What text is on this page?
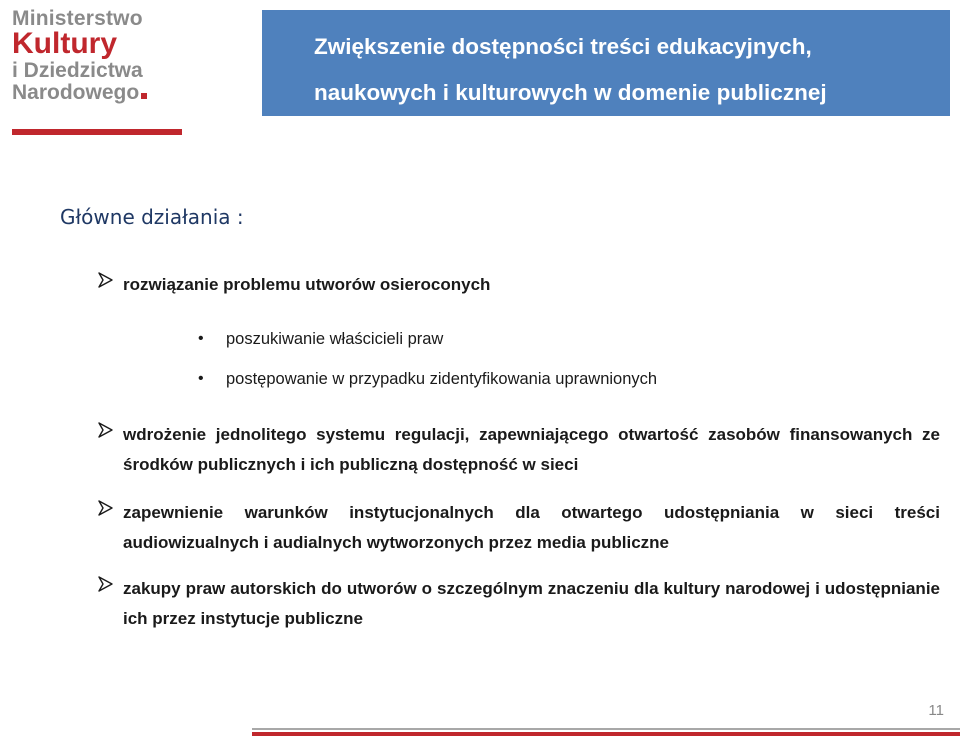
Ministerstwo
Kultury
i Dziedzictwa
Narodowego
Zwiększenie dostępności treści edukacyjnych,
naukowych i kulturowych w domenie publicznej
Główne działania :
rozwiązanie problemu utworów osieroconych
• poszukiwanie właścicieli praw
• postępowanie w przypadku zidentyfikowania uprawnionych
wdrożenie jednolitego systemu regulacji, zapewniającego otwartość zasobów finansowanych ze środków publicznych i ich publiczną dostępność w sieci
zapewnienie warunków instytucjonalnych dla otwartego udostępniania w sieci treści audiowizualnych i audialnych wytworzonych przez media publiczne
zakupy praw autorskich do utworów o szczególnym znaczeniu dla kultury narodowej i udostępnianie ich przez instytucje publiczne
11
